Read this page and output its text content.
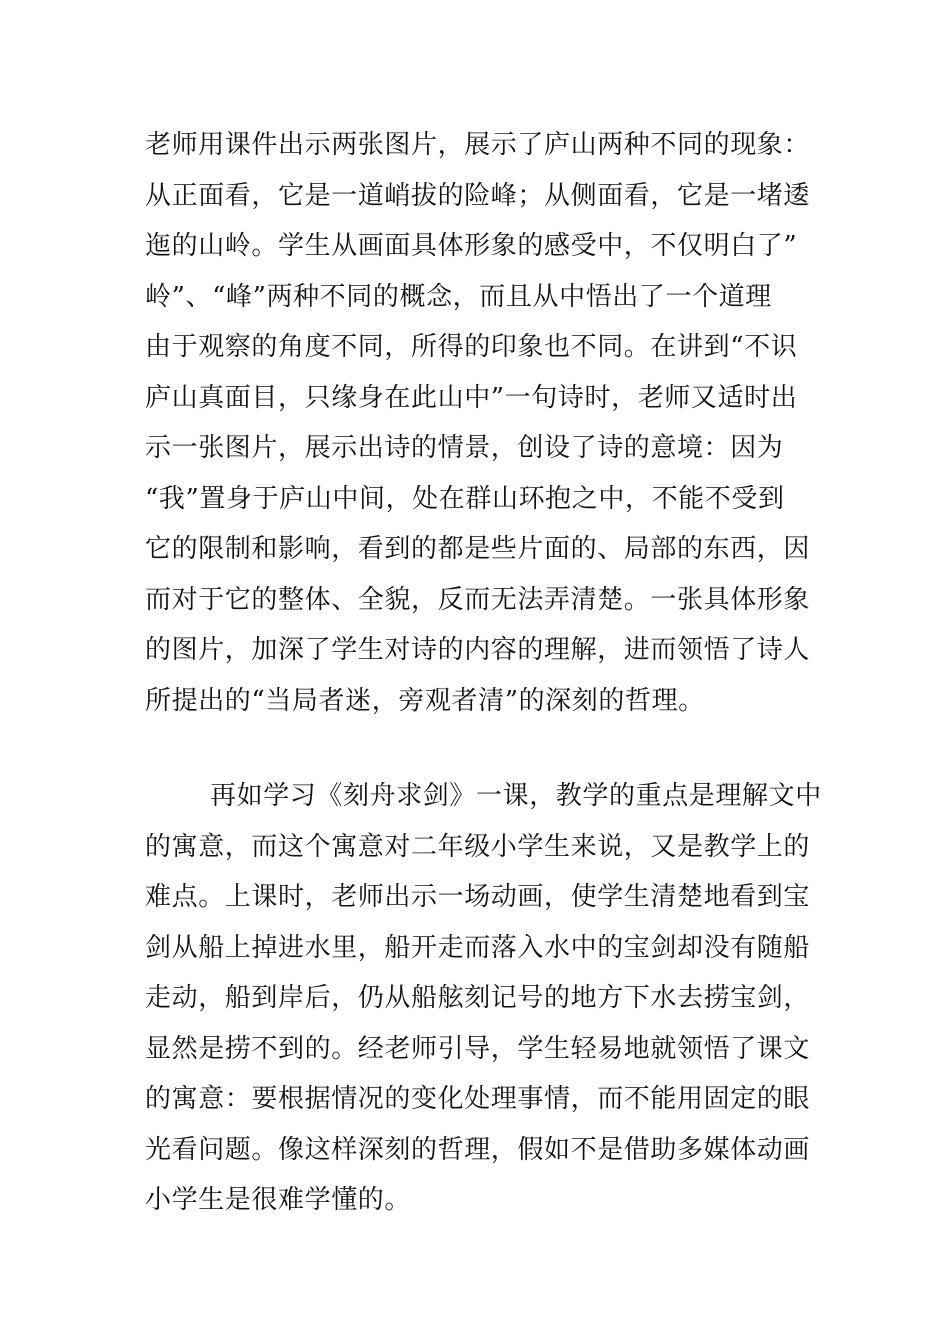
老师用课件出示两张图片，展示了庐山两种不同的现象：
从正面看，它是一道峭拔的险峰；从侧面看，它是一堵逶
迤的山岭。学生从画面具体形象的感受中，不仅明白了”
岭”、“峰”两种不同的概念，而且从中悟出了一个道理
由于观察的角度不同，所得的印象也不同。在讲到“不识
庐山真面目，只缘身在此山中”一句诗时，老师又适时出
示一张图片，展示出诗的情景，创设了诗的意境：因为
“我”置身于庐山中间，处在群山环抱之中，不能不受到
它的限制和影响，看到的都是些片面的、局部的东西，因
而对于它的整体、全貌，反而无法弄清楚。一张具体形象
的图片，加深了学生对诗的内容的理解，进而领悟了诗人
所提出的“当局者迷，旁观者清”的深刻的哲理。

再如学习《刻舟求剑》一课，教学的重点是理解文中
的寓意，而这个寓意对二年级小学生来说，又是教学上的
难点。上课时，老师出示一场动画，使学生清楚地看到宝
剑从船上掉进水里，船开走而落入水中的宝剑却没有随船
走动，船到岸后，仍从船舷刻记号的地方下水去捞宝剑，
显然是捞不到的。经老师引导，学生轻易地就领悟了课文
的寓意：要根据情况的变化处理事情，而不能用固定的眼
光看问题。像这样深刻的哲理，假如不是借助多媒体动画
小学生是很难学懂的。
